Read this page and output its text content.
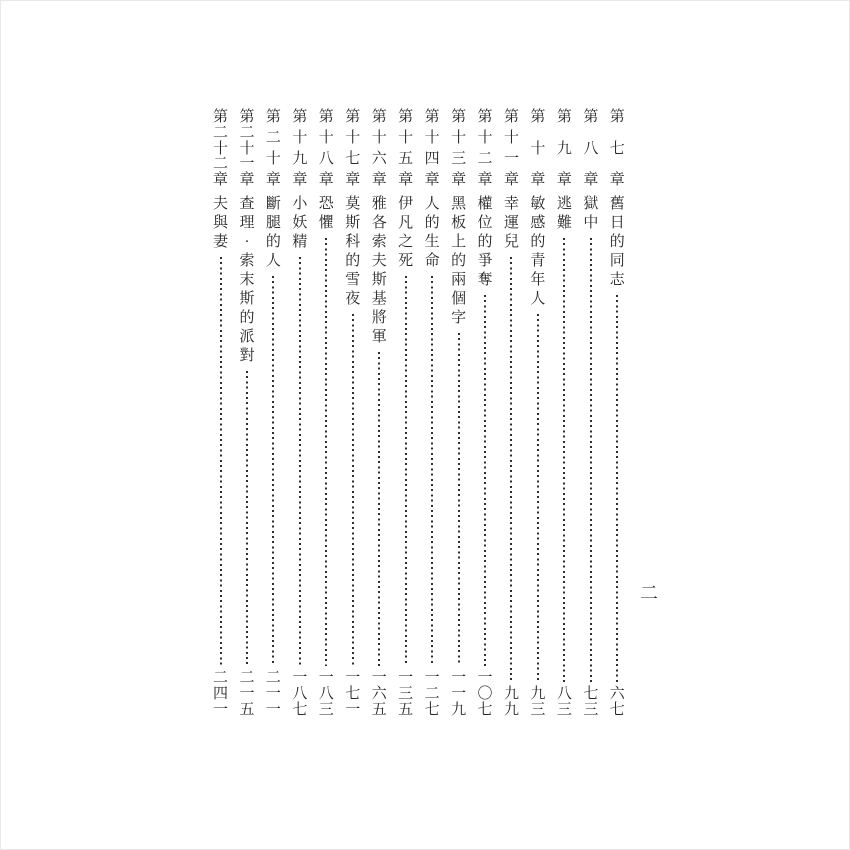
第
七
章
舊
日
的
同
志
六
七
第
八
章
獄
中
七
三
第
九
章
逃
難
八
三
第
十
章
敏
感
的
青
年
人
九
三
第
十
一
章
幸
運
兒
九
九
第
十
二
章
權
位
的
爭
奪
一
〇
七
第
十
三
章
黑
板
上
的
兩
個
字
一
一
九
第
十
四
章
人
的
生
命
一
二
七
第
十
五
章
伊
凡
之
死
一
三
五
第
十
六
章
雅
各
索
夫
斯
基
將
軍
一
六
五
第
十
七
章
莫
斯
科
的
雪
夜
一
七
一
第
十
八
章
恐
懼
一
八
三
第
十
九
章
小
妖
精
一
八
七
第
二
十
章
斷
腿
的
人
二
一
一
第
二
十
一
章
查
理
·
索
末
斯
的
派
對
二
一
五
第
二
十
二
章
夫
與
妻
二
四
一
二
